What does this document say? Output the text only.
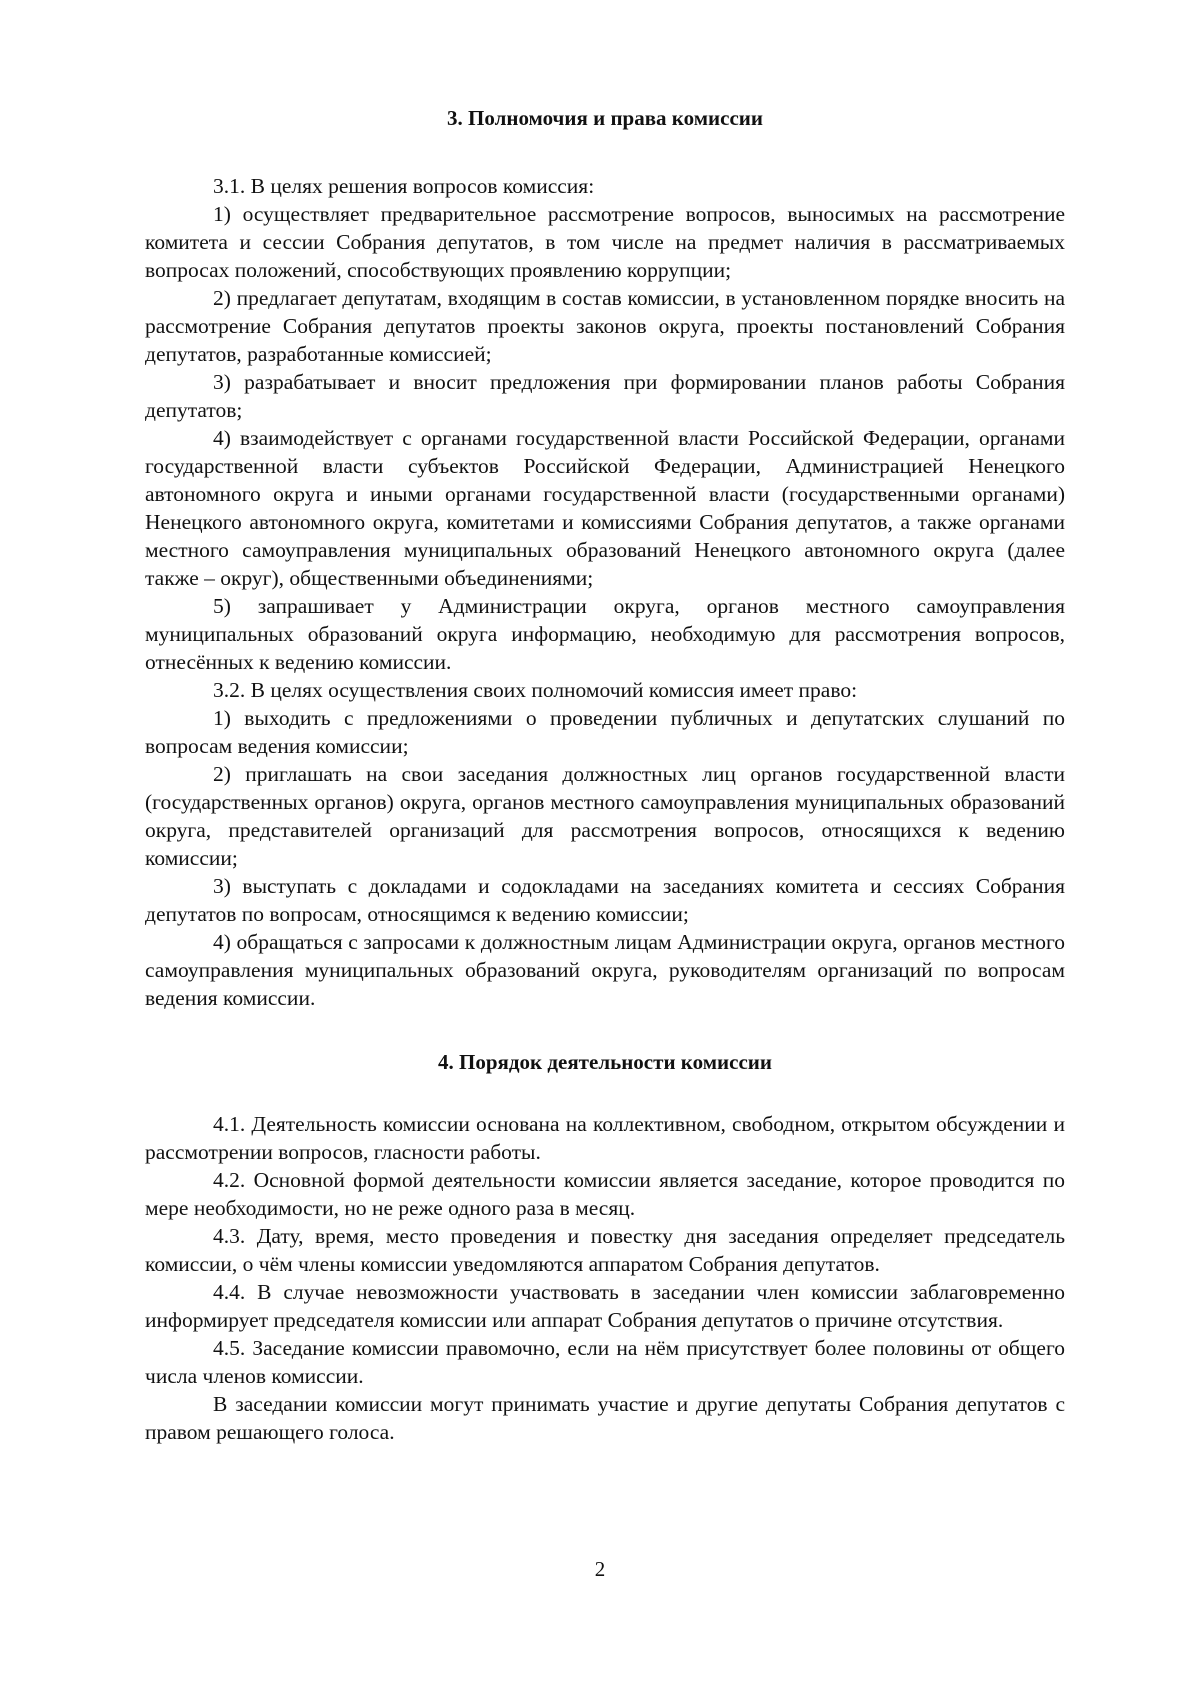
3. Полномочия и права комиссии

3.1. В целях решения вопросов комиссия:

1) осуществляет предварительное рассмотрение вопросов, выносимых на рассмотрение комитета и сессии Собрания депутатов, в том числе на предмет наличия в рассматриваемых вопросах положений, способствующих проявлению коррупции;

2) предлагает депутатам, входящим в состав комиссии, в установленном порядке вносить на рассмотрение Собрания депутатов проекты законов округа, проекты постановлений Собрания депутатов, разработанные комиссией;

3) разрабатывает и вносит предложения при формировании планов работы Собрания депутатов;

4) взаимодействует с органами государственной власти Российской Федерации, органами государственной власти субъектов Российской Федерации, Администрацией Ненецкого автономного округа и иными органами государственной власти (государственными органами) Ненецкого автономного округа, комитетами и комиссиями Собрания депутатов, а также органами местного самоуправления муниципальных образований Ненецкого автономного округа (далее также – округ), общественными объединениями;

5) запрашивает у Администрации округа, органов местного самоуправления муниципальных образований округа информацию, необходимую для рассмотрения вопросов, отнесённых к ведению комиссии.

3.2. В целях осуществления своих полномочий комиссия имеет право:

1) выходить с предложениями о проведении публичных и депутатских слушаний по вопросам ведения комиссии;

2) приглашать на свои заседания должностных лиц органов государственной власти (государственных органов) округа, органов местного самоуправления муниципальных образований округа, представителей организаций для рассмотрения вопросов, относящихся к ведению комиссии;

3) выступать с докладами и содокладами на заседаниях комитета и сессиях Собрания депутатов по вопросам, относящимся к ведению комиссии;

4) обращаться с запросами к должностным лицам Администрации округа, органов местного самоуправления муниципальных образований округа, руководителям организаций по вопросам ведения комиссии.

4. Порядок деятельности комиссии

4.1. Деятельность комиссии основана на коллективном, свободном, открытом обсуждении и рассмотрении вопросов, гласности работы.

4.2. Основной формой деятельности комиссии является заседание, которое проводится по мере необходимости, но не реже одного раза в месяц.

4.3. Дату, время, место проведения и повестку дня заседания определяет председатель комиссии, о чём члены комиссии уведомляются аппаратом Собрания депутатов.

4.4. В случае невозможности участвовать в заседании член комиссии заблаговременно информирует председателя комиссии или аппарат Собрания депутатов о причине отсутствия.

4.5. Заседание комиссии правомочно, если на нём присутствует более половины от общего числа членов комиссии.

В заседании комиссии могут принимать участие и другие депутаты Собрания депутатов с правом решающего голоса.

2
